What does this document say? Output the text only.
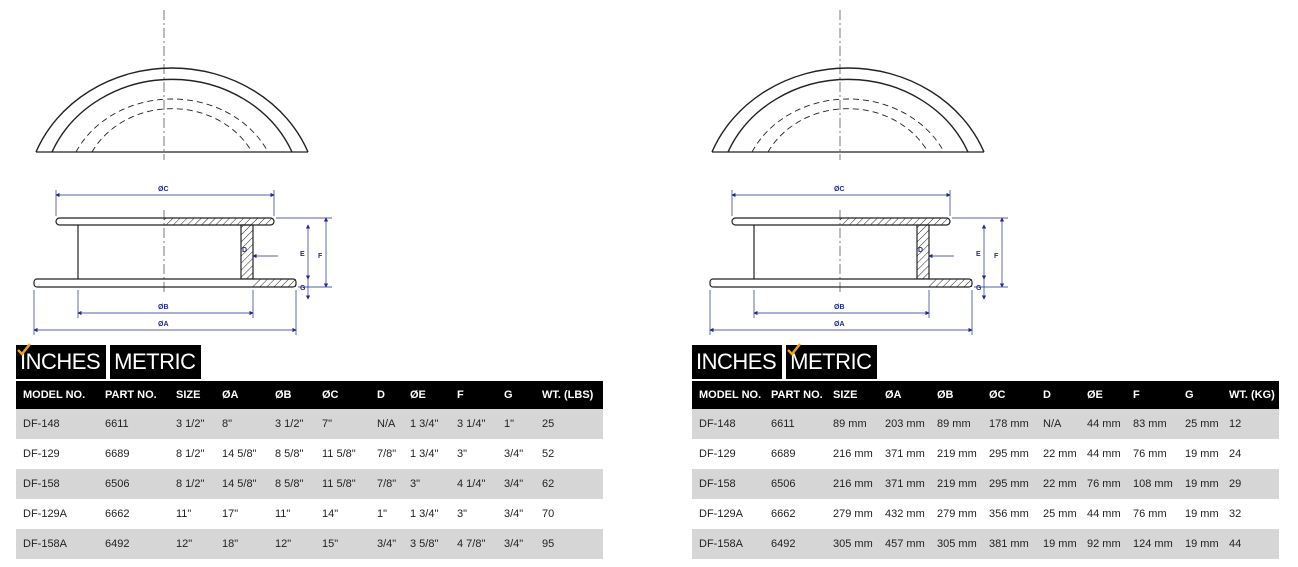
ØC
ØB
ØA
D
E F
G
INCHES METRIC
MODEL NO.	PART NO.	SIZE	ØA	ØB	ØC	D	ØE	F	G	WT. (LBS)
DF-148	6611	3 1/2"	8"	3 1/2"	7"	N/A	1 3/4"	3 1/4"	1"	25
DF-129	6689	8 1/2"	14 5/8"	8 5/8"	11 5/8"	7/8"	1 3/4"	3"	3/4"	52
DF-158	6506	8 1/2"	14 5/8"	8 5/8"	11 5/8"	7/8"	3"	4 1/4"	3/4"	62
DF-129A	6662	11"	17"	11"	14"	1"	1 3/4"	3"	3/4"	70
DF-158A	6492	12"	18"	12"	15"	3/4"	3 5/8"	4 7/8"	3/4"	95
ØC
ØB
ØA
D
E F
G
INCHES METRIC
MODEL NO.	PART NO.	SIZE	ØA	ØB	ØC	D	ØE	F	G	WT. (KG)
DF-148	6611	89 mm	203 mm	89 mm	178 mm	N/A	44 mm	83 mm	25 mm	12
DF-129	6689	216 mm	371 mm	219 mm	295 mm	22 mm	44 mm	76 mm	19 mm	24
DF-158	6506	216 mm	371 mm	219 mm	295 mm	22 mm	76 mm	108 mm	19 mm	29
DF-129A	6662	279 mm	432 mm	279 mm	356 mm	25 mm	44 mm	76 mm	19 mm	32
DF-158A	6492	305 mm	457 mm	305 mm	381 mm	19 mm	92 mm	124 mm	19 mm	44
